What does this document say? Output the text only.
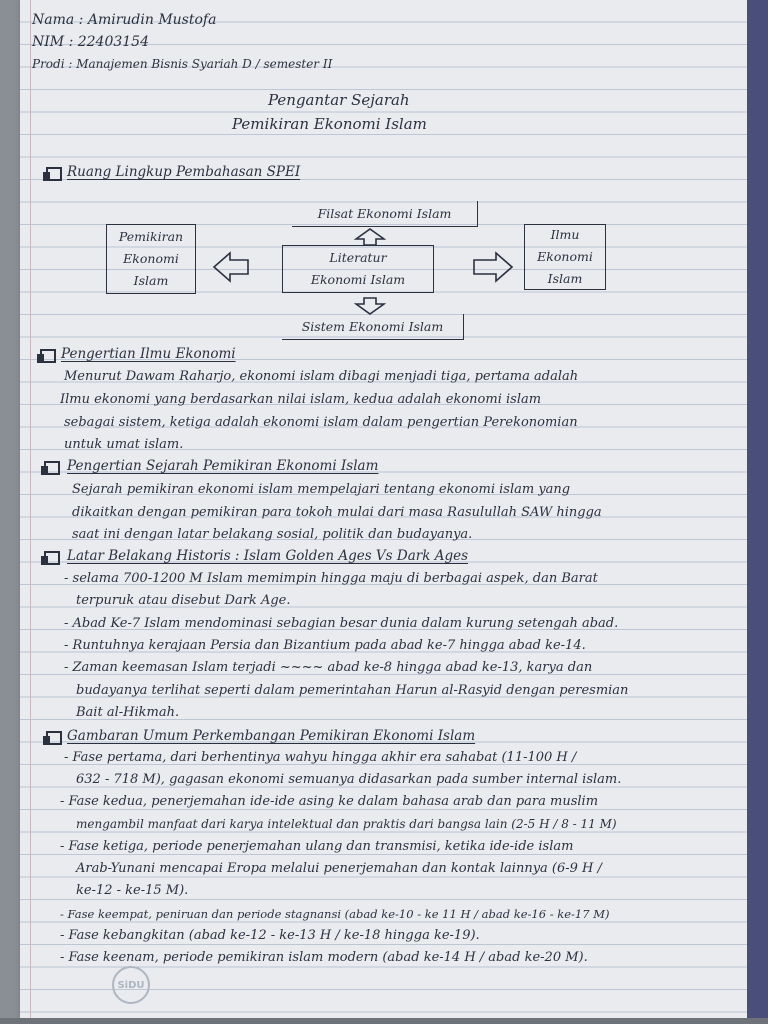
Nama : Amirudin Mustofa
NIM : 22403154
Prodi : Manajemen Bisnis Syariah D / semester II
Pengantar Sejarah
Pemikiran Ekonomi Islam
Ruang Lingkup Pembahasan SPEI
Filsat Ekonomi Islam
Pemikiran
Ekonomi
Islam
Literatur
Ekonomi Islam
Ilmu
Ekonomi
Islam
Sistem Ekonomi Islam
Pengertian Ilmu Ekonomi
Menurut Dawam Raharjo, ekonomi islam dibagi menjadi tiga, pertama adalah
Ilmu ekonomi yang berdasarkan nilai islam, kedua adalah ekonomi islam
sebagai sistem, ketiga adalah ekonomi islam dalam pengertian Perekonomian
untuk umat islam.
Pengertian Sejarah Pemikiran Ekonomi Islam
Sejarah pemikiran ekonomi islam mempelajari tentang ekonomi islam yang
dikaitkan dengan pemikiran para tokoh mulai dari masa Rasulullah SAW hingga
saat ini dengan latar belakang sosial, politik dan budayanya.
Latar Belakang Historis : Islam Golden Ages Vs Dark Ages
- selama 700-1200 M Islam memimpin hingga maju di berbagai aspek, dan Barat
terpuruk atau disebut Dark Age.
- Abad Ke-7 Islam mendominasi sebagian besar dunia dalam kurung setengah abad.
- Runtuhnya kerajaan Persia dan Bizantium pada abad ke-7 hingga abad ke-14.
- Zaman keemasan Islam terjadi ~~~~ abad ke-8 hingga abad ke-13, karya dan
budayanya terlihat seperti dalam pemerintahan Harun al-Rasyid dengan peresmian
Bait al-Hikmah.
Gambaran Umum Perkembangan Pemikiran Ekonomi Islam
- Fase pertama, dari berhentinya wahyu hingga akhir era sahabat (11-100 H /
632 - 718 M), gagasan ekonomi semuanya didasarkan pada sumber internal islam.
- Fase kedua, penerjemahan ide-ide asing ke dalam bahasa arab dan para muslim
mengambil manfaat dari karya intelektual dan praktis dari bangsa lain (2-5 H / 8 - 11 M)
- Fase ketiga, periode penerjemahan ulang dan transmisi, ketika ide-ide islam
Arab-Yunani mencapai Eropa melalui penerjemahan dan kontak lainnya (6-9 H /
ke-12 - ke-15 M).
- Fase keempat, peniruan dan periode stagnansi (abad ke-10 - ke 11 H / abad ke-16 - ke-17 M)
- Fase kebangkitan (abad ke-12 - ke-13 H / ke-18 hingga ke-19).
- Fase keenam, periode pemikiran islam modern (abad ke-14 H / abad ke-20 M).
SiDU
